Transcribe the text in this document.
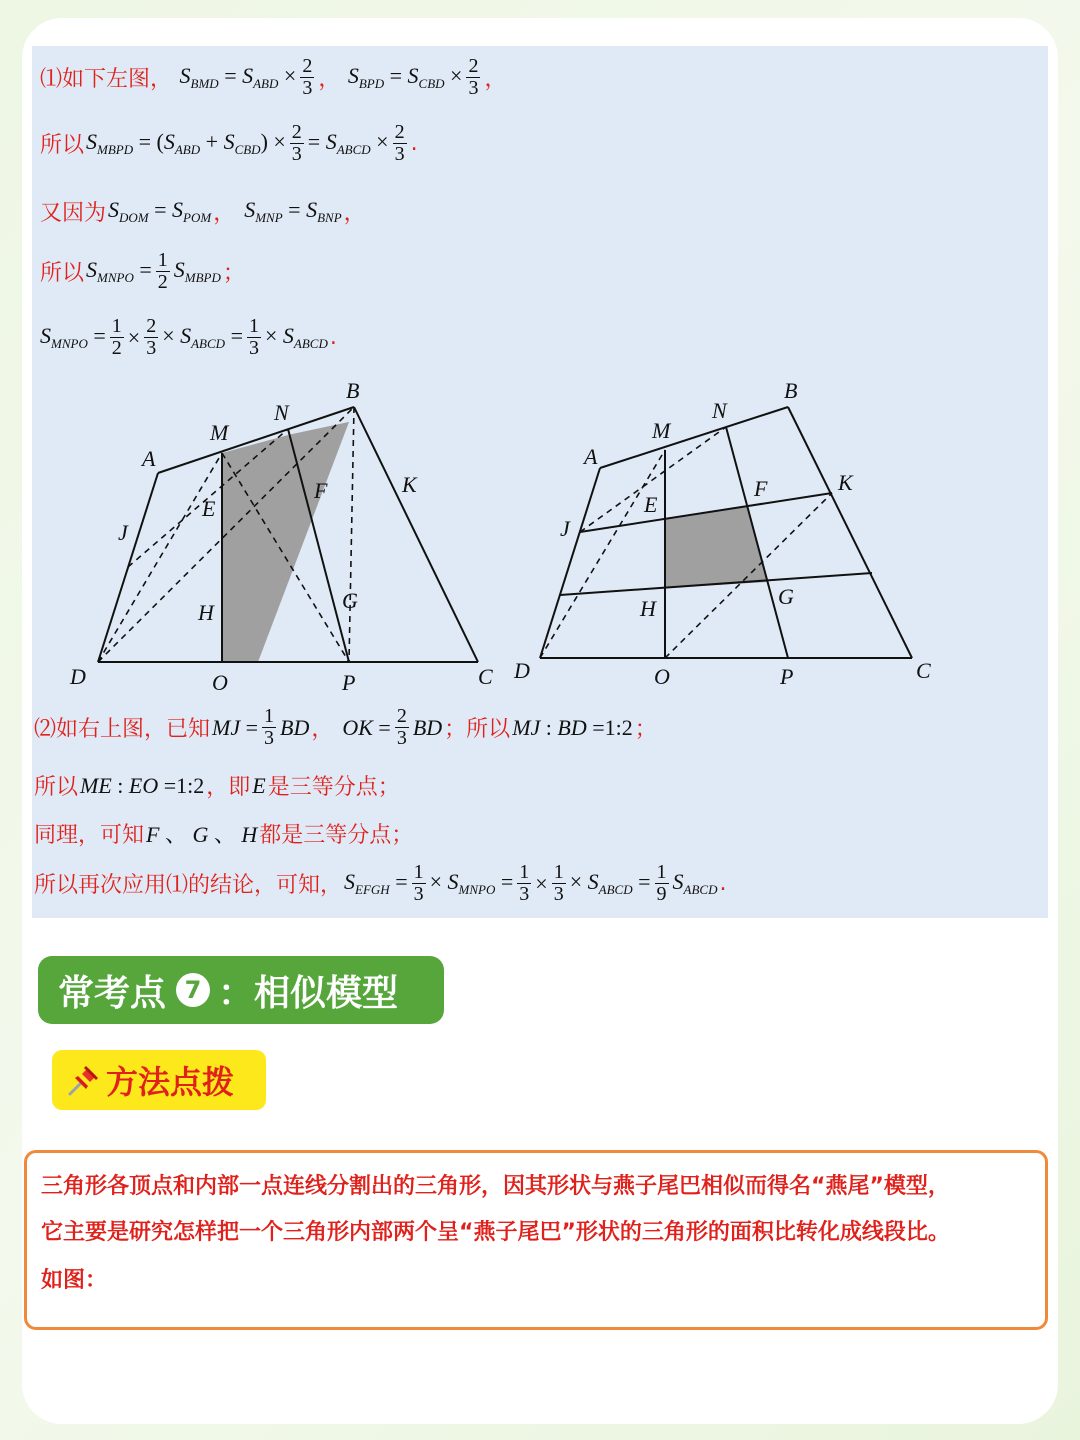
⑴如下左图， $S_{BMD} = S_{ABD} \times \frac{2}{3}$ ， $S_{BPD} = S_{CBD} \times \frac{2}{3}$ ，
所以 $S_{MBPD} = (S_{ABD} + S_{CBD}) \times \frac{2}{3} = S_{ABCD} \times \frac{2}{3}$ .
又因为 $S_{DOM} = S_{POM}$ ， $S_{MNP} = S_{BNP}$ ，
所以 $S_{MNPO} = \frac{1}{2} S_{MBPD}$ ；
$S_{MNPO} = \frac{1}{2} \times \frac{2}{3} \times S_{ABCD} = \frac{1}{3} \times S_{ABCD}$ .
A
M
N
B
K
J
E
F
H	G
D	O	P	C
A
M
N
B
K
J
E
F
H	G
D	O	P	C
⑵如右上图，已知 MJ = $\frac{1}{3}$ BD ， OK = $\frac{2}{3}$ BD ；所以 MJ : BD =1:2 ；
所以 ME : EO =1:2 ，即 E 是三等分点；
同理，可知 F 、 G 、 H 都是三等分点；
所以再次应用⑴的结论，可知， $S_{EFGH} = \frac{1}{3} \times S_{MNPO} = \frac{1}{3} \times \frac{1}{3} \times S_{ABCD} = \frac{1}{9} S_{ABCD}$ .
常考点 7 ：相似模型
方法点拨

三角形各顶点和内部一点连线分割出的三角形，因其形状与燕子尾巴相似而得名“燕尾”模型，

它主要是研究怎样把一个三角形内部两个呈“燕子尾巴”形状的三角形的面积比转化成线段比。

如图：
